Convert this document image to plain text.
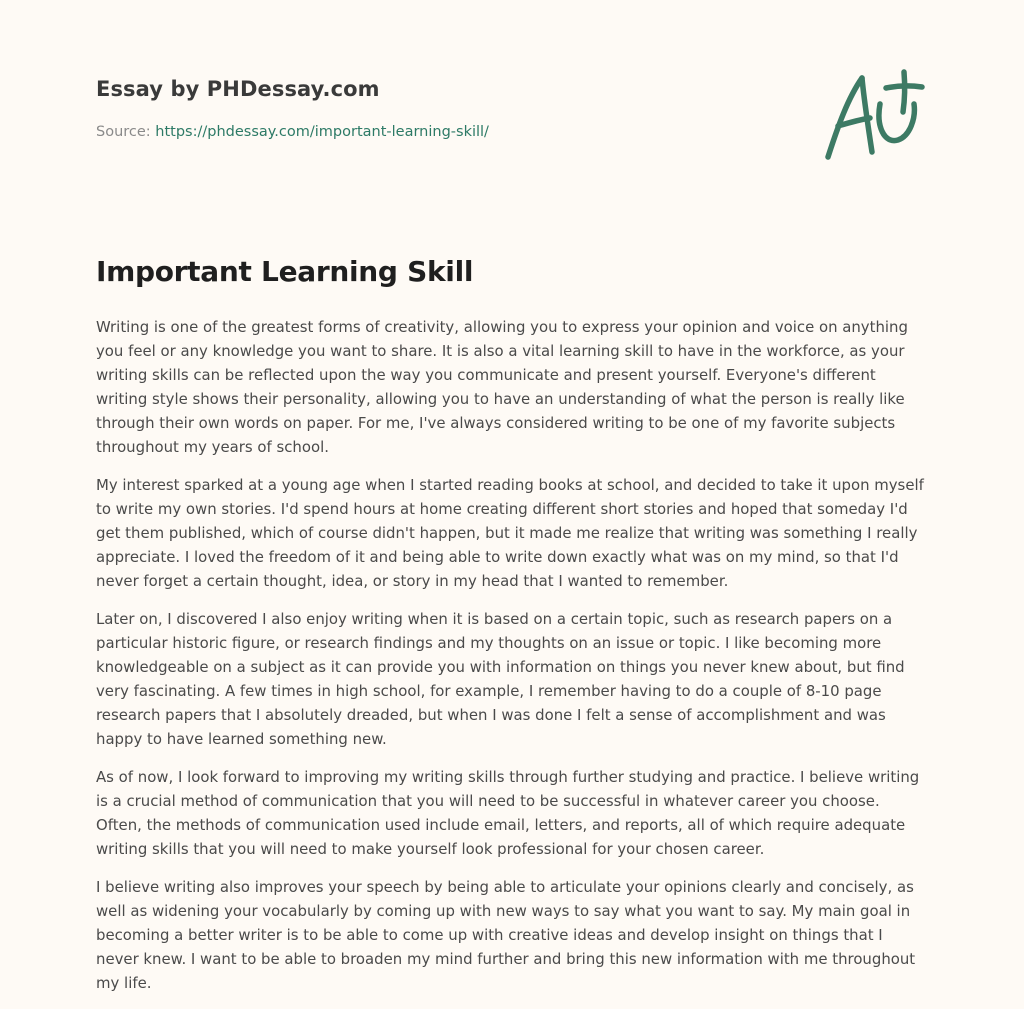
Essay by PHDessay.com
Source: https://phdessay.com/important-learning-skill/
Important Learning Skill

Writing is one of the greatest forms of creativity, allowing you to express your opinion and voice on anything you feel or any knowledge you want to share. It is also a vital learning skill to have in the workforce, as your writing skills can be reflected upon the way you communicate and present yourself. Everyone's different writing style shows their personality, allowing you to have an understanding of what the person is really like through their own words on paper. For me, I've always considered writing to be one of my favorite subjects throughout my years of school.

My interest sparked at a young age when I started reading books at school, and decided to take it upon myself to write my own stories. I'd spend hours at home creating different short stories and hoped that someday I'd get them published, which of course didn't happen, but it made me realize that writing was something I really appreciate. I loved the freedom of it and being able to write down exactly what was on my mind, so that I'd never forget a certain thought, idea, or story in my head that I wanted to remember.

Later on, I discovered I also enjoy writing when it is based on a certain topic, such as research papers on a particular historic figure, or research findings and my thoughts on an issue or topic. I like becoming more knowledgeable on a subject as it can provide you with information on things you never knew about, but find very fascinating. A few times in high school, for example, I remember having to do a couple of 8-10 page research papers that I absolutely dreaded, but when I was done I felt a sense of accomplishment and was happy to have learned something new.

As of now, I look forward to improving my writing skills through further studying and practice. I believe writing is a crucial method of communication that you will need to be successful in whatever career you choose. Often, the methods of communication used include email, letters, and reports, all of which require adequate writing skills that you will need to make yourself look professional for your chosen career.

I believe writing also improves your speech by being able to articulate your opinions clearly and concisely, as well as widening your vocabularly by coming up with new ways to say what you want to say. My main goal in becoming a better writer is to be able to come up with creative ideas and develop insight on things that I never knew. I want to be able to broaden my mind further and bring this new information with me throughout my life.
